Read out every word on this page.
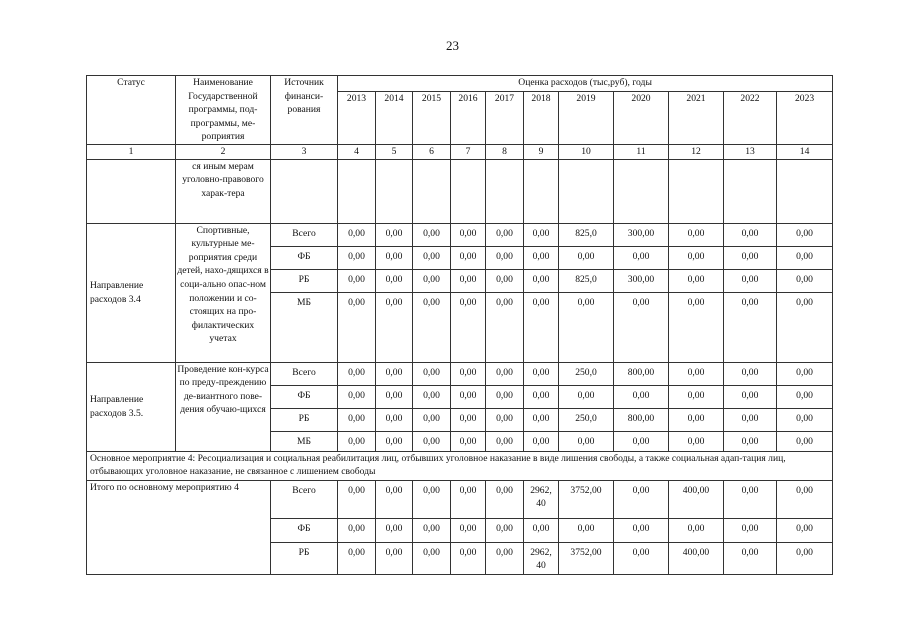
23
Статус	Наименование Государственной программы, под-программы, ме-роприятия	Источник финанси-рования	Оценка расходов (тыс,руб), годы										
			2013	2014	2015	2016	2017	2018	2019	2020	2021	2022	2023
1	2	3	4	5	6	7	8	9	10	11	12	13	14
	ся иным мерам уголовно-правового харак-тера												
Направление расходов 3.4	Спортивные, культурные ме-роприятия среди детей, нахо-дящихся в соци-ально опас-ном положении и со-стоящих на про-филактических учетах	Всего	0,00	0,00	0,00	0,00	0,00	0,00	825,0	300,00	0,00	0,00	0,00
		ФБ	0,00	0,00	0,00	0,00	0,00	0,00	0,00	0,00	0,00	0,00	0,00
		РБ	0,00	0,00	0,00	0,00	0,00	0,00	825,0	300,00	0,00	0,00	0,00
		МБ	0,00	0,00	0,00	0,00	0,00	0,00	0,00	0,00	0,00	0,00	0,00
Направление расходов 3.5.	Проведение кон-курса по преду-преждению де-виантного пове-дения обучаю-щихся	Всего	0,00	0,00	0,00	0,00	0,00	0,00	250,0	800,00	0,00	0,00	0,00
		ФБ	0,00	0,00	0,00	0,00	0,00	0,00	0,00	0,00	0,00	0,00	0,00
		РБ	0,00	0,00	0,00	0,00	0,00	0,00	250,0	800,00	0,00	0,00	0,00
		МБ	0,00	0,00	0,00	0,00	0,00	0,00	0,00	0,00	0,00	0,00	0,00
Основное мероприятие 4: Ресоциализация и социальная реабилитация лиц, отбывших уголовное наказание в виде лишения свободы, а также социальная адап-тация лиц, отбывающих уголовное наказание, не связанное с лишением свободы													
Итого по основному мероприятию 4		Всего	0,00	0,00	0,00	0,00	0,00	2962, 40	3752,00	0,00	400,00	0,00	0,00
		ФБ	0,00	0,00	0,00	0,00	0,00	0,00	0,00	0,00	0,00	0,00	0,00
		РБ	0,00	0,00	0,00	0,00	0,00	2962, 40	3752,00	0,00	400,00	0,00	0,00
